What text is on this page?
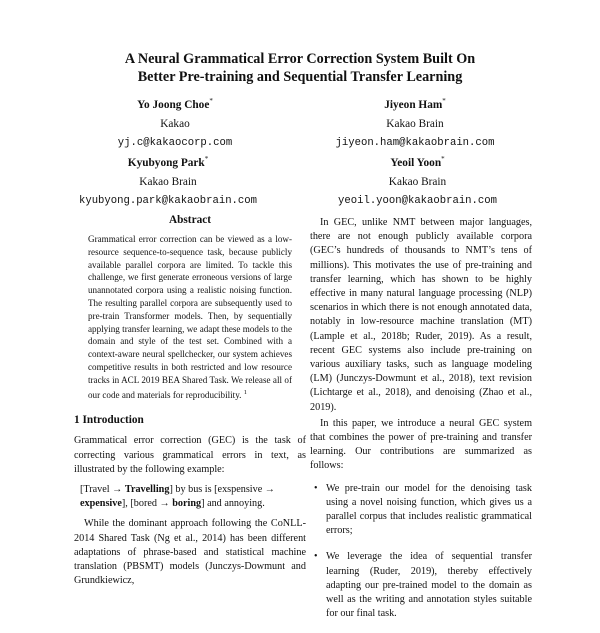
A Neural Grammatical Error Correction System Built On
Better Pre-training and Sequential Transfer Learning
Yo Joong Choe*
Kakao
yj.c@kakaocorp.com
Jiyeon Ham*
Kakao Brain
jiyeon.ham@kakaobrain.com
Kyubyong Park*
Kakao Brain
kyubyong.park@kakaobrain.com
Yeoil Yoon*
Kakao Brain
yeoil.yoon@kakaobrain.com
Abstract
Grammatical error correction can be viewed as a low-resource sequence-to-sequence task, because publicly available parallel corpora are limited. To tackle this challenge, we first generate erroneous versions of large unannotated corpora using a realistic noising function. The resulting parallel corpora are subsequently used to pre-train Transformer models. Then, by sequentially applying transfer learning, we adapt these models to the domain and style of the test set. Combined with a context-aware neural spellchecker, our system achieves competitive results in both restricted and low resource tracks in ACL 2019 BEA Shared Task. We release all of our code and materials for reproducibility. $^1$
1 Introduction

Grammatical error correction (GEC) is the task of correcting various grammatical errors in text, as illustrated by the following example:

[Travel → Travelling] by bus is [exspensive → expensive], [bored → boring] and annoying.

While the dominant approach following the CoNLL-2014 Shared Task (Ng et al., 2014) has been different adaptations of phrase-based and statistical machine translation (PBSMT) models (Junczys-Dowmunt and Grundkiewicz,

In GEC, unlike NMT between major languages, there are not enough publicly available corpora (GEC’s hundreds of thousands to NMT’s tens of millions). This motivates the use of pre-training and transfer learning, which has shown to be highly effective in many natural language processing (NLP) scenarios in which there is not enough annotated data, notably in low-resource machine translation (MT) (Lample et al., 2018b; Ruder, 2019). As a result, recent GEC systems also include pre-training on various auxiliary tasks, such as language modeling (LM) (Junczys-Dowmunt et al., 2018), text revision (Lichtarge et al., 2018), and denoising (Zhao et al., 2019).

In this paper, we introduce a neural GEC system that combines the power of pre-training and transfer learning. Our contributions are summarized as follows:

• We pre-train our model for the denoising task using a novel noising function, which gives us a parallel corpus that includes realistic grammatical errors;
• We leverage the idea of sequential transfer learning (Ruder, 2019), thereby effectively adapting our pre-trained model to the domain as well as the writing and annotation styles suitable for our final task.
